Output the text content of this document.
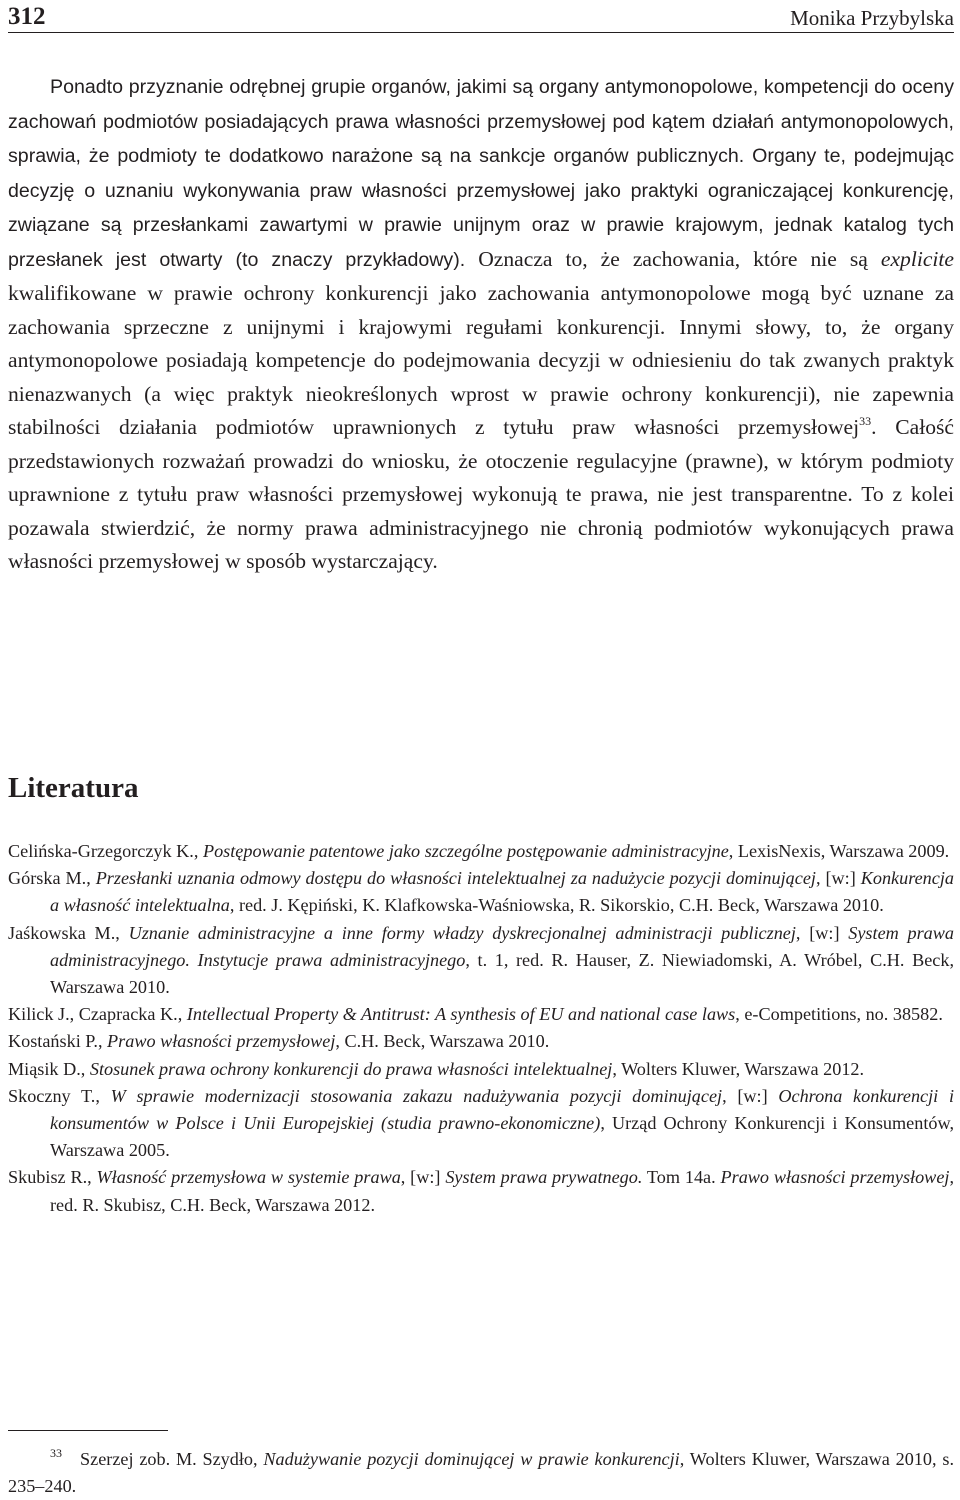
312	Monika Przybylska

Ponadto przyznanie odrębnej grupie organów, jakimi są organy antymonopolowe, kompetencji do oceny zachowań podmiotów posiadających prawa własności przemysłowej pod kątem działań antymonopolowych, sprawia, że podmioty te dodatkowo narażone są na sankcje organów publicznych. Organy te, podejmując decyzję o uznaniu wykonywania praw własności przemysłowej jako praktyki ograniczającej konkurencję, związane są przesłankami zawartymi w prawie unijnym oraz w prawie krajowym, jednak katalog tych przesłanek jest otwarty (to znaczy przykładowy). Oznacza to, że zachowania, które nie są explicite kwalifikowane w prawie ochrony konkurencji jako zachowania antymonopolowe mogą być uznane za zachowania sprzeczne z unijnymi i krajowymi regułami konkurencji. Innymi słowy, to, że organy antymonopolowe posiadają kompetencje do podejmowania decyzji w odniesieniu do tak zwanych praktyk nienazwanych (a więc praktyk nieokreślonych wprost w prawie ochrony konkurencji), nie zapewnia stabilności działania podmiotów uprawnionych z tytułu praw własności przemysłowej$^{33}$. Całość przedstawionych rozważań prowadzi do wniosku, że otoczenie regulacyjne (prawne), w którym podmioty uprawnione z tytułu praw własności przemysłowej wykonują te prawa, nie jest transparentne. To z kolei pozawala stwierdzić, że normy prawa administracyjnego nie chronią podmiotów wykonujących prawa własności przemysłowej w sposób wystarczający.

Literatura
Celińska-Grzegorczyk K., Postępowanie patentowe jako szczególne postępowanie administracyjne, LexisNexis, Warszawa 2009.
Górska M., Przesłanki uznania odmowy dostępu do własności intelektualnej za nadużycie pozycji dominującej, [w:] Konkurencja a własność intelektualna, red. J. Kępiński, K. Klafkowska-Waśniowska, R. Sikorskio, C.H. Beck, Warszawa 2010.
Jaśkowska M., Uznanie administracyjne a inne formy władzy dyskrecjonalnej administracji publicznej, [w:] System prawa administracyjnego. Instytucje prawa administracyjnego, t. 1, red. R. Hauser, Z. Niewiadomski, A. Wróbel, C.H. Beck, Warszawa 2010.
Kilick J., Czapracka K., Intellectual Property & Antitrust: A synthesis of EU and national case laws, e-Competitions, no. 38582.
Kostański P., Prawo własności przemysłowej, C.H. Beck, Warszawa 2010.
Miąsik D., Stosunek prawa ochrony konkurencji do prawa własności intelektualnej, Wolters Kluwer, Warszawa 2012.
Skoczny T., W sprawie modernizacji stosowania zakazu nadużywania pozycji dominującej, [w:] Ochrona konkurencji i konsumentów w Polsce i Unii Europejskiej (studia prawno-ekonomiczne), Urząd Ochrony Konkurencji i Konsumentów, Warszawa 2005.
Skubisz R., Własność przemysłowa w systemie prawa, [w:] System prawa prywatnego. Tom 14a. Prawo własności przemysłowej, red. R. Skubisz, C.H. Beck, Warszawa 2012.

$^{33}$ Szerzej zob. M. Szydło, Nadużywanie pozycji dominującej w prawie konkurencji, Wolters Kluwer, Warszawa 2010, s. 235–240.
